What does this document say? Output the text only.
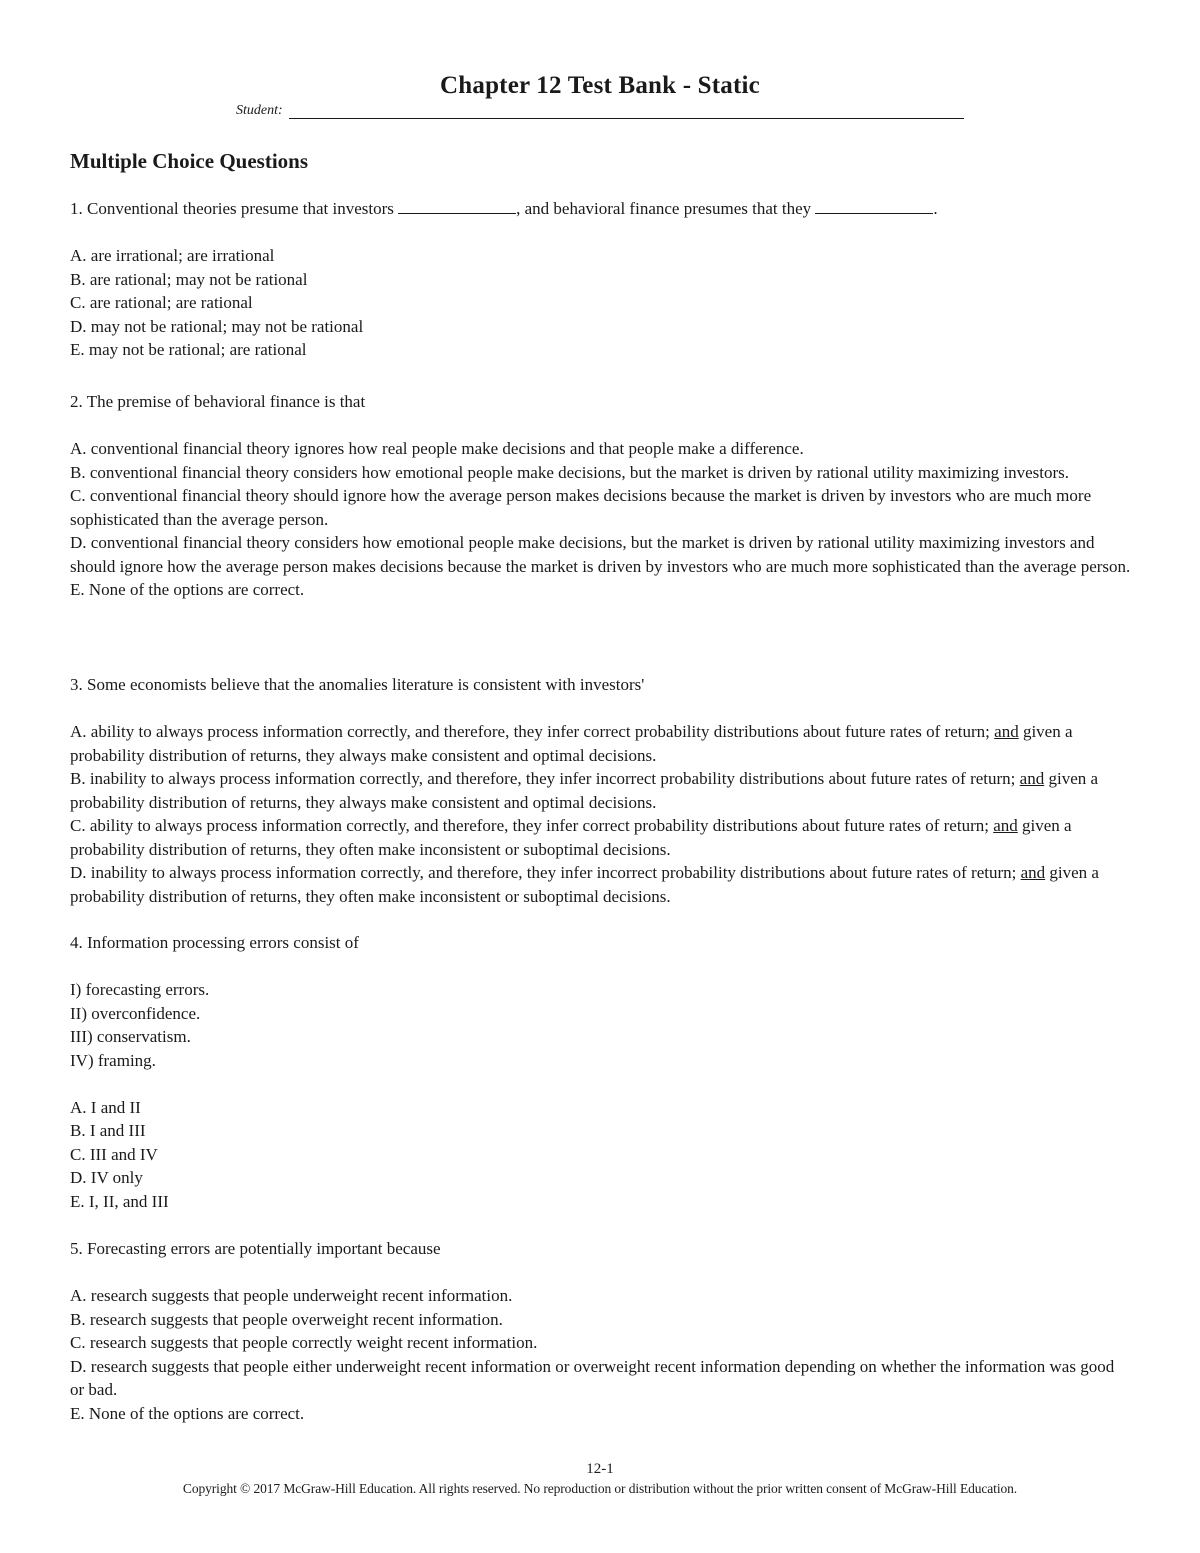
Chapter 12 Test Bank - Static
Student:
Multiple Choice Questions

1. Conventional theories presume that investors	, and behavioral finance presumes that they	.

A. are irrational; are irrational

B. are rational; may not be rational

C. are rational; are rational

D. may not be rational; may not be rational

E. may not be rational; are rational

2. The premise of behavioral finance is that

A. conventional financial theory ignores how real people make decisions and that people make a difference.

B. conventional financial theory considers how emotional people make decisions, but the market is driven by rational utility maximizing investors.

C. conventional financial theory should ignore how the average person makes decisions because the market is driven by investors who are much more sophisticated than the average person.

D. conventional financial theory considers how emotional people make decisions, but the market is driven by rational utility maximizing investors and should ignore how the average person makes decisions because the market is driven by investors who are much more sophisticated than the average person.

E. None of the options are correct.

3. Some economists believe that the anomalies literature is consistent with investors'

A. ability to always process information correctly, and therefore, they infer correct probability distributions about future rates of return; and given a probability distribution of returns, they always make consistent and optimal decisions.

B. inability to always process information correctly, and therefore, they infer incorrect probability distributions about future rates of return; and given a probability distribution of returns, they always make consistent and optimal decisions.

C. ability to always process information correctly, and therefore, they infer correct probability distributions about future rates of return; and given a probability distribution of returns, they often make inconsistent or suboptimal decisions.

D. inability to always process information correctly, and therefore, they infer incorrect probability distributions about future rates of return; and given a probability distribution of returns, they often make inconsistent or suboptimal decisions.

4. Information processing errors consist of

I) forecasting errors.

II) overconfidence.

III) conservatism.

IV) framing.

A. I and II

B. I and III

C. III and IV

D. IV only

E. I, II, and III

5. Forecasting errors are potentially important because

A. research suggests that people underweight recent information.

B. research suggests that people overweight recent information.

C. research suggests that people correctly weight recent information.

D. research suggests that people either underweight recent information or overweight recent information depending on whether the information was good or bad.

E. None of the options are correct.

12-1
Copyright © 2017 McGraw-Hill Education. All rights reserved. No reproduction or distribution without the prior written consent of McGraw-Hill Education.
